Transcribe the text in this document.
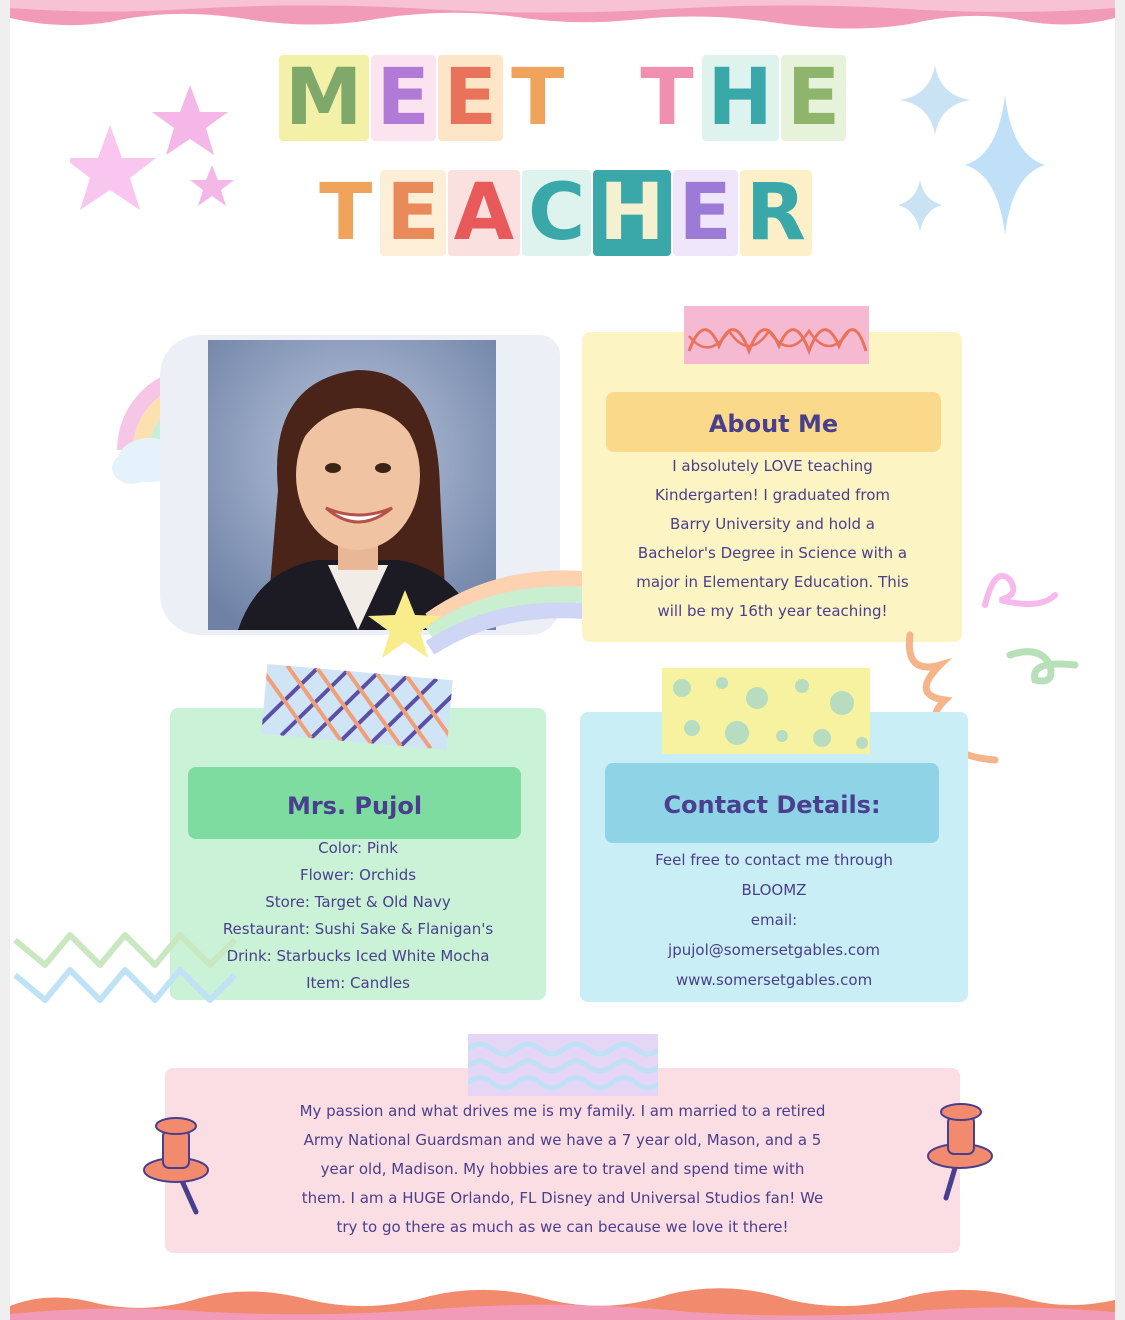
M E E T T H E
T E A C H E R
About Me
I absolutely LOVE teaching
Kindergarten! I graduated from
Barry University and hold a
Bachelor's Degree in Science with a
major in Elementary Education. This
will be my 16th year teaching!
Mrs. Pujol
Color: Pink
Flower: Orchids
Store: Target & Old Navy
Restaurant: Sushi Sake & Flanigan's
Drink: Starbucks Iced White Mocha
Item: Candles
Contact Details:
Feel free to contact me through
BLOOMZ
email:
jpujol@somersetgables.com
www.somersetgables.com
My passion and what drives me is my family. I am married to a retired
Army National Guardsman and we have a 7 year old, Mason, and a 5
year old, Madison. My hobbies are to travel and spend time with
them. I am a HUGE Orlando, FL Disney and Universal Studios fan! We
try to go there as much as we can because we love it there!
